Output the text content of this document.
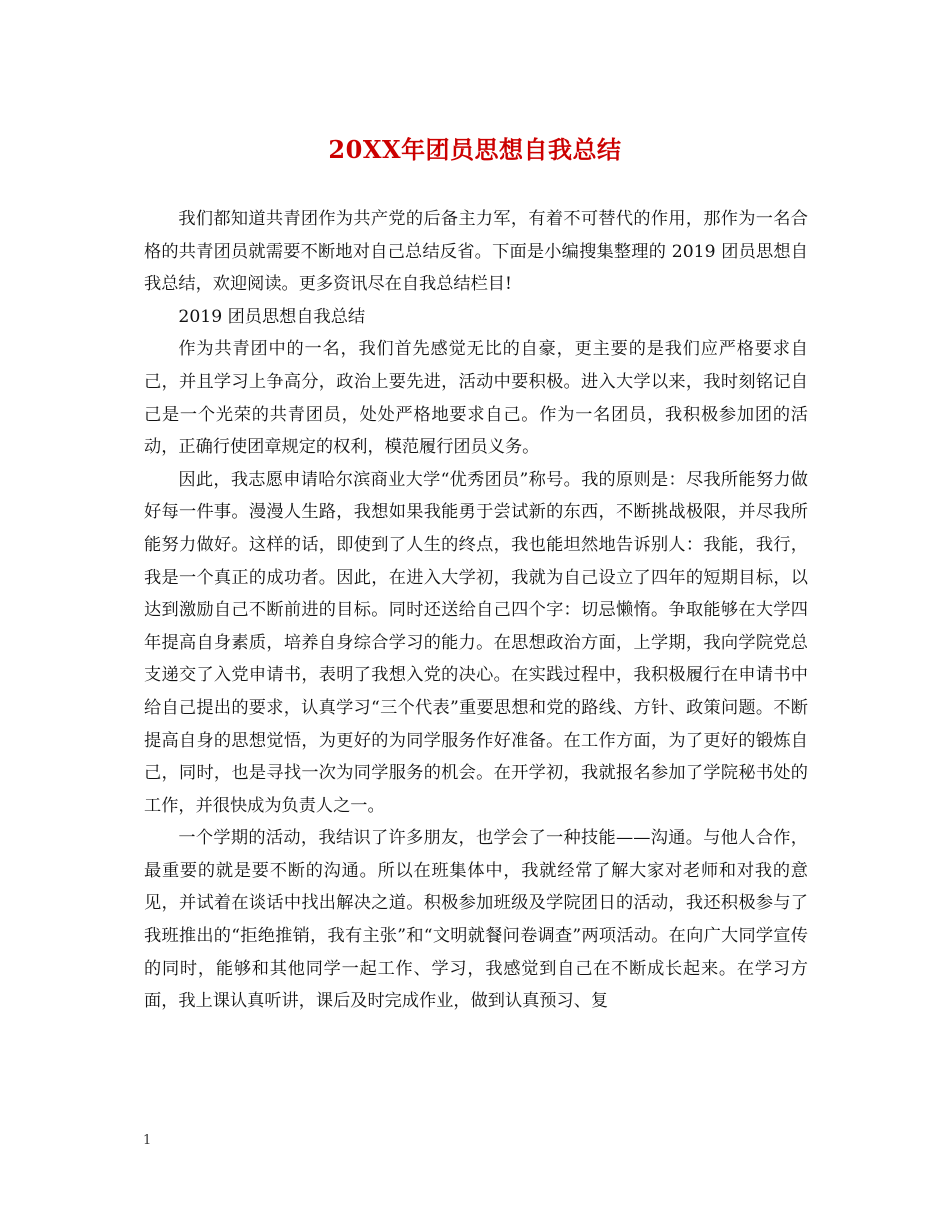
20XX年团员思想自我总结

我们都知道共青团作为共产党的后备主力军，有着不可替代的作用，那作为一名合格的共青团员就需要不断地对自己总结反省。下面是小编搜集整理的 2019 团员思想自我总结，欢迎阅读。更多资讯尽在自我总结栏目!

2019 团员思想自我总结

作为共青团中的一名，我们首先感觉无比的自豪，更主要的是我们应严格要求自己，并且学习上争高分，政治上要先进，活动中要积极。进入大学以来，我时刻铭记自己是一个光荣的共青团员，处处严格地要求自己。作为一名团员，我积极参加团的活动，正确行使团章规定的权利，模范履行团员义务。

因此，我志愿申请哈尔滨商业大学“优秀团员”称号。我的原则是：尽我所能努力做好每一件事。漫漫人生路，我想如果我能勇于尝试新的东西，不断挑战极限，并尽我所能努力做好。这样的话，即使到了人生的终点，我也能坦然地告诉别人：我能，我行，我是一个真正的成功者。因此，在进入大学初，我就为自己设立了四年的短期目标，以达到激励自己不断前进的目标。同时还送给自己四个字：切忌懒惰。争取能够在大学四年提高自身素质，培养自身综合学习的能力。在思想政治方面，上学期，我向学院党总支递交了入党申请书，表明了我想入党的决心。在实践过程中，我积极履行在申请书中给自己提出的要求，认真学习“三个代表”重要思想和党的路线、方针、政策问题。不断提高自身的思想觉悟，为更好的为同学服务作好准备。在工作方面，为了更好的锻炼自己，同时，也是寻找一次为同学服务的机会。在开学初，我就报名参加了学院秘书处的工作，并很快成为负责人之一。

一个学期的活动，我结识了许多朋友，也学会了一种技能——沟通。与他人合作，最重要的就是要不断的沟通。所以在班集体中，我就经常了解大家对老师和对我的意见，并试着在谈话中找出解决之道。积极参加班级及学院团日的活动，我还积极参与了我班推出的“拒绝推销，我有主张”和“文明就餐问卷调查”两项活动。在向广大同学宣传的同时，能够和其他同学一起工作、学习，我感觉到自己在不断成长起来。在学习方面，我上课认真听讲，课后及时完成作业，做到认真预习、复

1
